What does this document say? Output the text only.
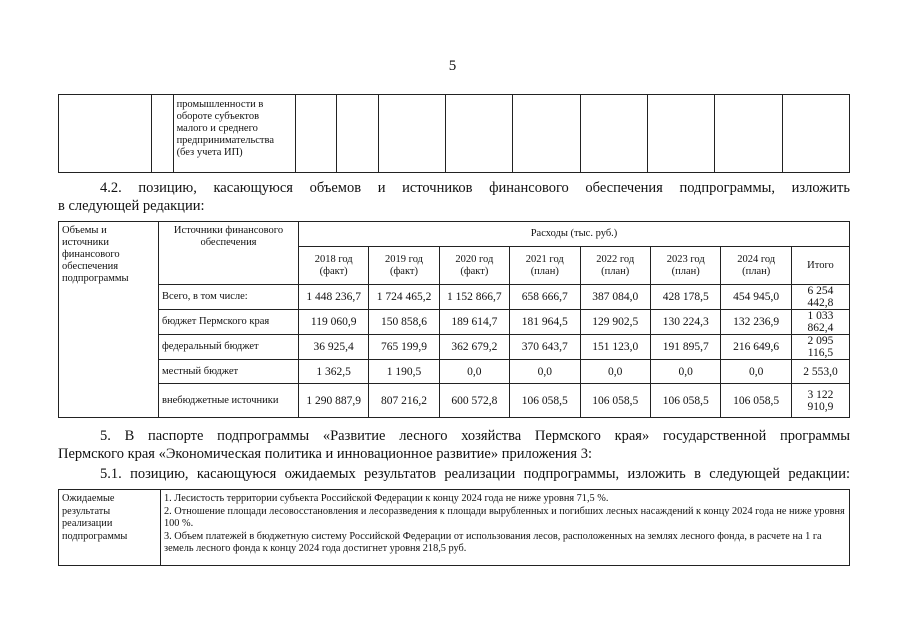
5
		промышленности в обороте субъектов малого и среднего предпринимательства (без учета ИП)									
4.2. позицию, касающуюся объемов и источников финансового обеспечения подпрограммы, изложить
в следующей редакции:
Объемы и источники финансового обеспечения подпрограммы	Источники финансового обеспечения	Расходы (тыс. руб.)							
		2018 год (факт)	2019 год (факт)	2020 год (факт)	2021 год (план)	2022 год (план)	2023 год (план)	2024 год (план)	Итого
	Всего, в том числе:	1 448 236,7	1 724 465,2	1 152 866,7	658 666,7	387 084,0	428 178,5	454 945,0	6 254 442,8
	бюджет Пермского края	119 060,9	150 858,6	189 614,7	181 964,5	129 902,5	130 224,3	132 236,9	1 033 862,4
	федеральный бюджет	36 925,4	765 199,9	362 679,2	370 643,7	151 123,0	191 895,7	216 649,6	2 095 116,5
	местный бюджет	1 362,5	1 190,5	0,0	0,0	0,0	0,0	0,0	2 553,0
	внебюджетные источники	1 290 887,9	807 216,2	600 572,8	106 058,5	106 058,5	106 058,5	106 058,5	3 122 910,9
5. В паспорте подпрограммы «Развитие лесного хозяйства Пермского края» государственной программы
Пермского края «Экономическая политика и инновационное развитие» приложения 3:
5.1. позицию, касающуюся ожидаемых результатов реализации подпрограммы, изложить в следующей редакции:
Ожидаемые результаты реализации подпрограммы	
1. Лесистость территории субъекта Российской Федерации к концу 2024 года не ниже уровня 71,5 %.
2. Отношение площади лесовосстановления и лесоразведения к площади вырубленных и погибших лесных насаждений к концу 2024 года не ниже уровня 100 %.
3. Объем платежей в бюджетную систему Российской Федерации от использования лесов, расположенных на землях лесного фонда, в расчете на 1 га земель лесного фонда к концу 2024 года достигнет уровня 218,5 руб.
